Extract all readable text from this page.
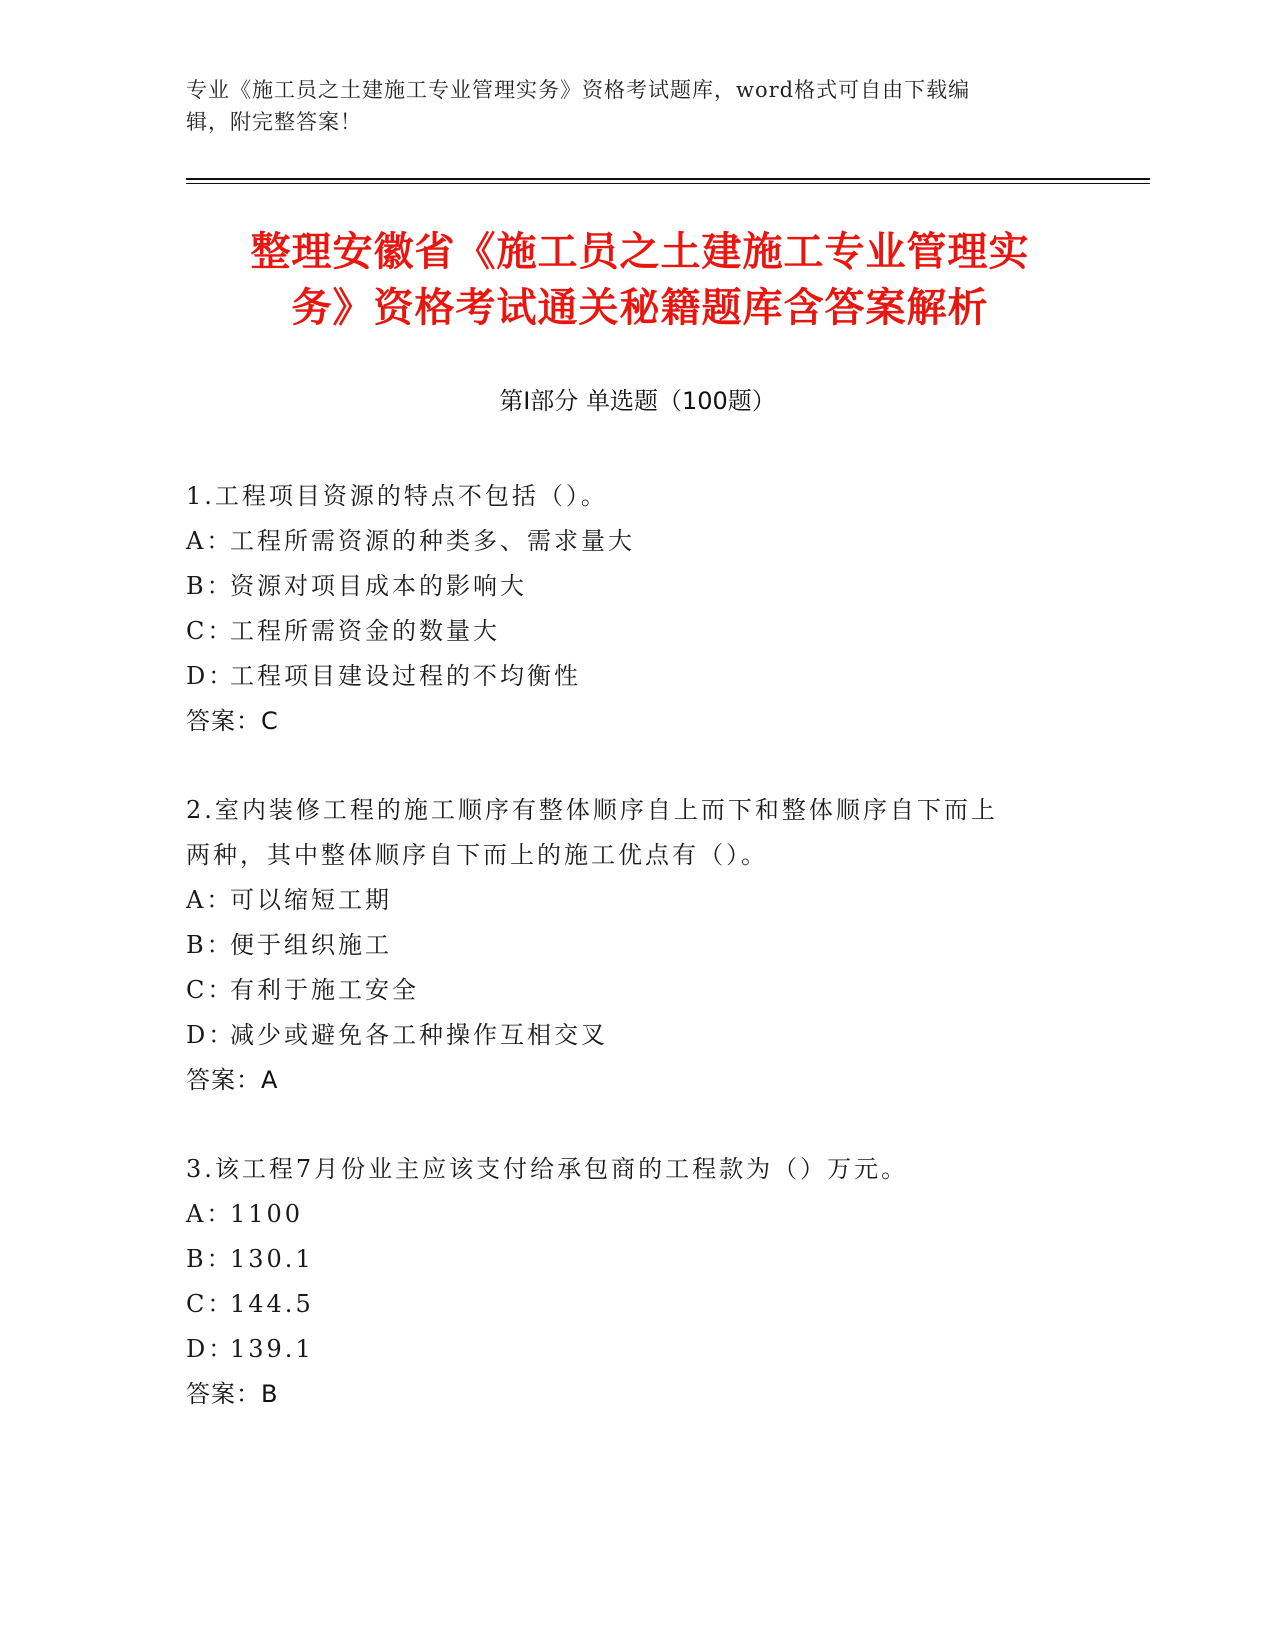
专业《施工员之土建施工专业管理实务》资格考试题库，word格式可自由下载编
辑，附完整答案！
整理安徽省《施工员之土建施工专业管理实
务》资格考试通关秘籍题库含答案解析
第Ⅰ部分 单选题（100题）
1.工程项目资源的特点不包括（）。
A：工程所需资源的种类多、需求量大
B：资源对项目成本的影响大
C：工程所需资金的数量大
D：工程项目建设过程的不均衡性
答案：C
2.室内装修工程的施工顺序有整体顺序自上而下和整体顺序自下而上
两种，其中整体顺序自下而上的施工优点有（）。
A：可以缩短工期
B：便于组织施工
C：有利于施工安全
D：减少或避免各工种操作互相交叉
答案：A
3.该工程7月份业主应该支付给承包商的工程款为（）万元。
A：1100
B：130.1
C：144.5
D：139.1
答案：B
